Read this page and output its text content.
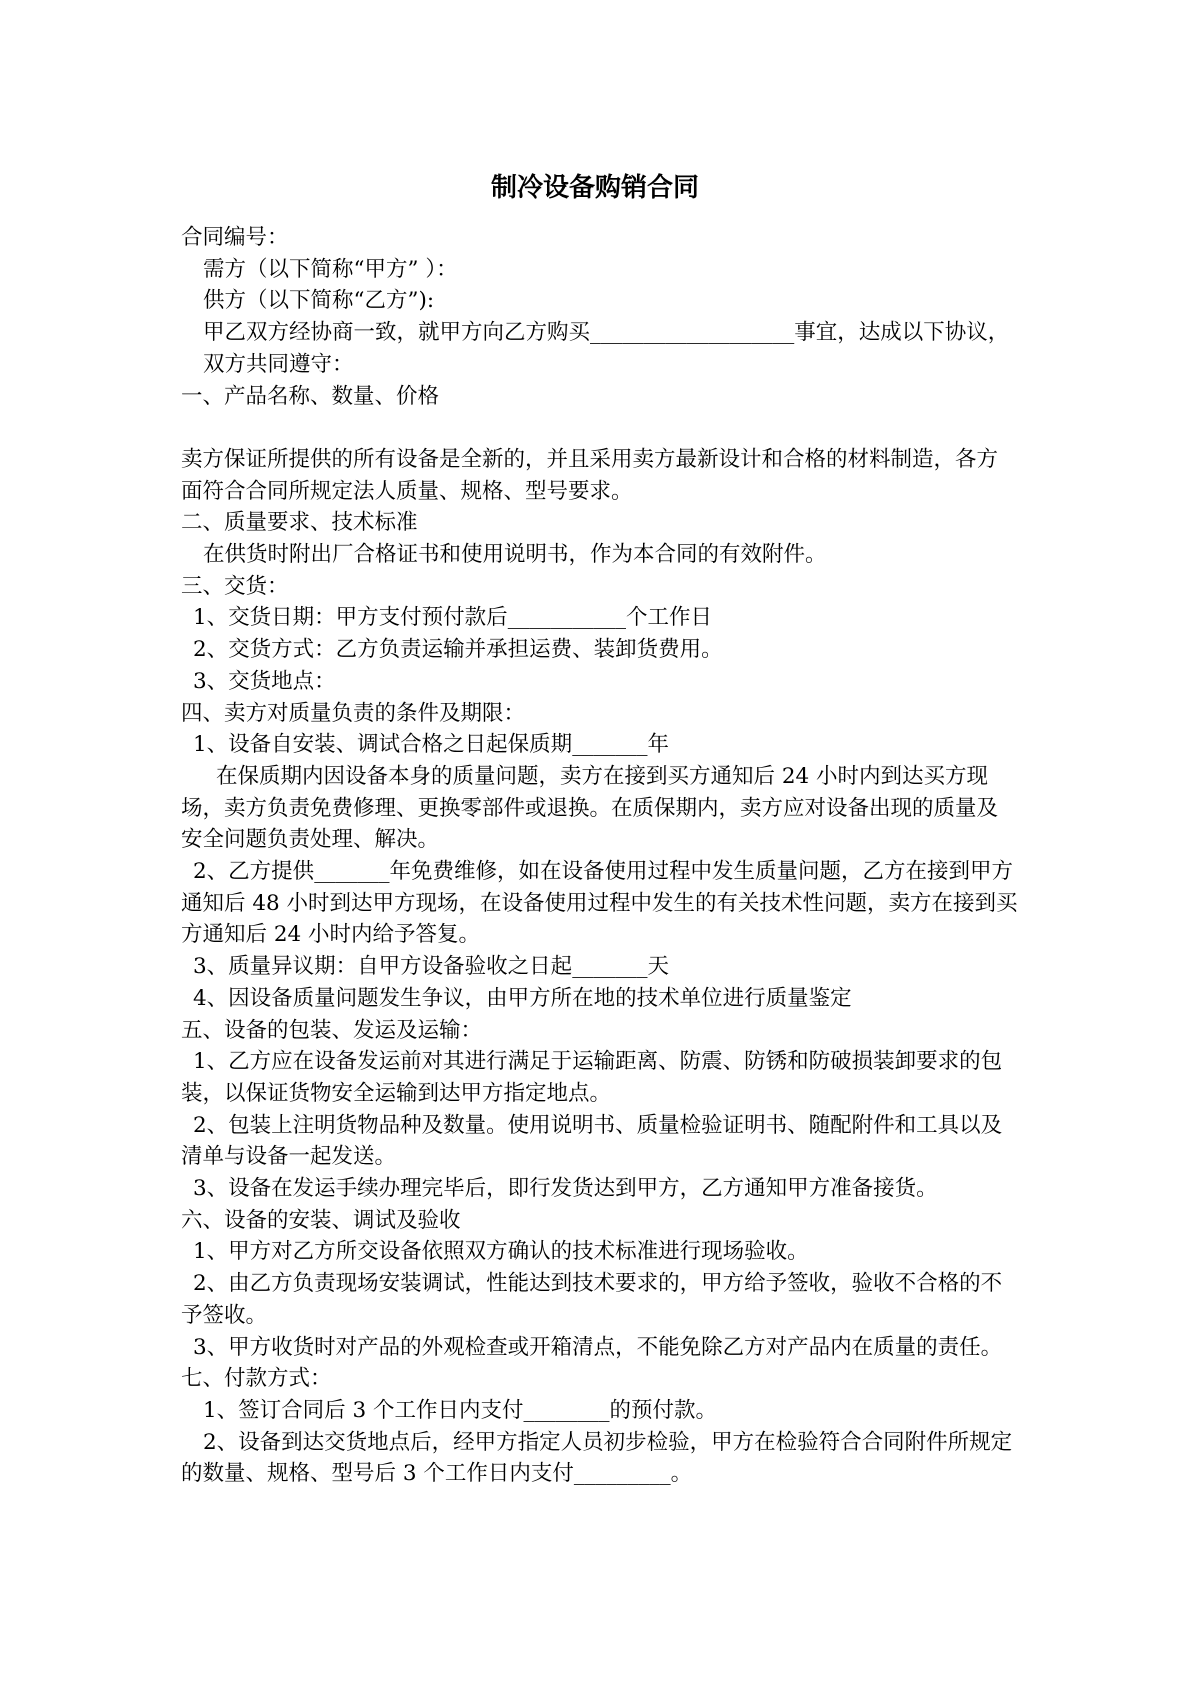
制冷设备购销合同

合同编号：

需方（以下简称“甲方” ）：

供方（以下简称“乙方”):

甲乙双方经协商一致，就甲方向乙方购买___________________事宜，达成以下协议，双方共同遵守：

一、产品名称、数量、价格

卖方保证所提供的所有设备是全新的，并且采用卖方最新设计和合格的材料制造，各方面符合合同所规定法人质量、规格、型号要求。

二、质量要求、技术标准

在供货时附出厂合格证书和使用说明书，作为本合同的有效附件。

三、交货：

1、交货日期：甲方支付预付款后___________个工作日

2、交货方式：乙方负责运输并承担运费、装卸货费用。

3、交货地点：

四、卖方对质量负责的条件及期限：

1、设备自安装、调试合格之日起保质期_______年

在保质期内因设备本身的质量问题，卖方在接到买方通知后 24 小时内到达买方现场，卖方负责免费修理、更换零部件或退换。在质保期内，卖方应对设备出现的质量及安全问题负责处理、解决。

2、乙方提供_______年免费维修，如在设备使用过程中发生质量问题，乙方在接到甲方通知后 48 小时到达甲方现场，在设备使用过程中发生的有关技术性问题，卖方在接到买方通知后 24 小时内给予答复。

3、质量异议期：自甲方设备验收之日起_______天

4、因设备质量问题发生争议，由甲方所在地的技术单位进行质量鉴定

五、设备的包装、发运及运输：

1、乙方应在设备发运前对其进行满足于运输距离、防震、防锈和防破损装卸要求的包装，以保证货物安全运输到达甲方指定地点。

2、包装上注明货物品种及数量。使用说明书、质量检验证明书、随配附件和工具以及清单与设备一起发送。

3、设备在发运手续办理完毕后，即行发货达到甲方，乙方通知甲方准备接货。

六、设备的安装、调试及验收

1、甲方对乙方所交设备依照双方确认的技术标准进行现场验收。

2、由乙方负责现场安装调试，性能达到技术要求的，甲方给予签收，验收不合格的不予签收。

3、甲方收货时对产品的外观检查或开箱清点，不能免除乙方对产品内在质量的责任。

七、付款方式：

1、签订合同后 3 个工作日内支付________的预付款。

2、设备到达交货地点后，经甲方指定人员初步检验，甲方在检验符合合同附件所规定的数量、规格、型号后 3 个工作日内支付_________。
